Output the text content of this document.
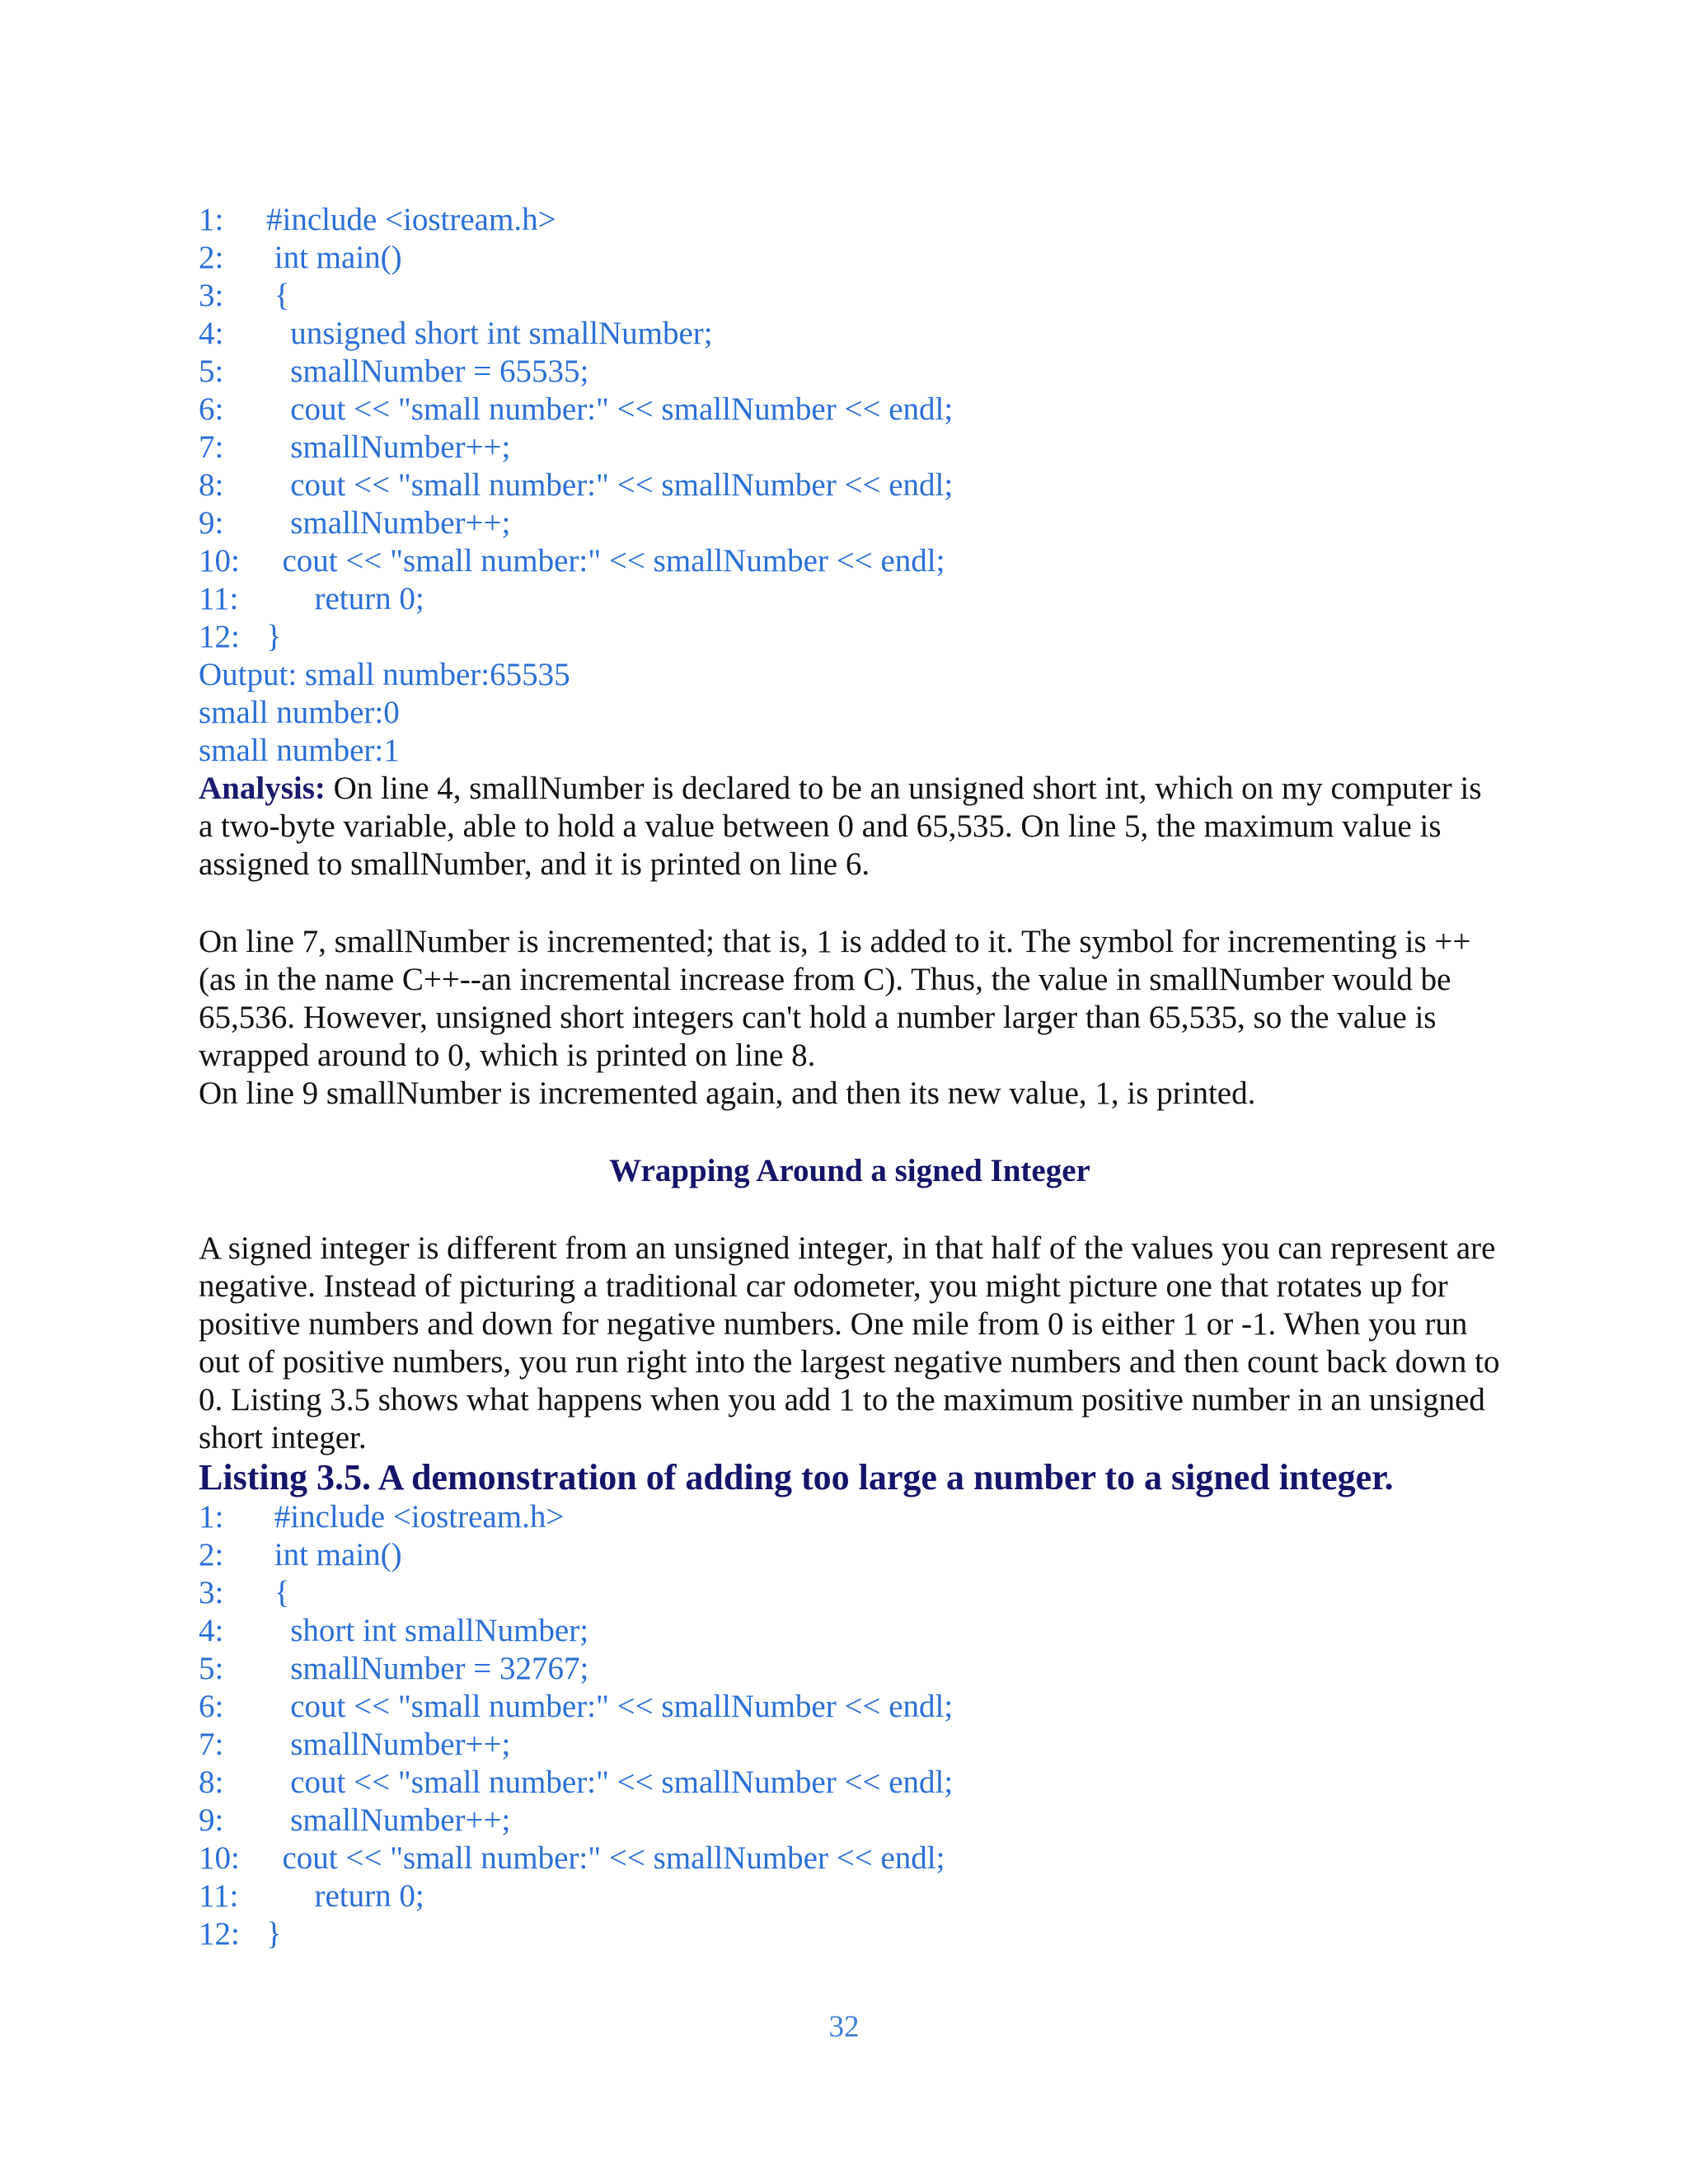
1:	#include <iostream.h>
2:	int main()
3:	{
4:	unsigned short int smallNumber;
5:	smallNumber = 65535;
6:	cout << "small number:" << smallNumber << endl;
7:	smallNumber++;
8:	cout << "small number:" << smallNumber << endl;
9:	smallNumber++;
10: cout << "small number:" << smallNumber << endl;
11: return 0;
12: }
Output: small number:65535
small number:0
small number:1

Analysis: On line 4, smallNumber is declared to be an unsigned short int, which on my computer is a two-byte variable, able to hold a value between 0 and 65,535. On line 5, the maximum value is assigned to smallNumber, and it is printed on line 6.

On line 7, smallNumber is incremented; that is, 1 is added to it. The symbol for incrementing is ++ (as in the name C++--an incremental increase from C). Thus, the value in smallNumber would be 65,536. However, unsigned short integers can't hold a number larger than 65,535, so the value is wrapped around to 0, which is printed on line 8.

On line 9 smallNumber is incremented again, and then its new value, 1, is printed.

Wrapping Around a signed Integer

A signed integer is different from an unsigned integer, in that half of the values you can represent are negative. Instead of picturing a traditional car odometer, you might picture one that rotates up for positive numbers and down for negative numbers. One mile from 0 is either 1 or -1. When you run out of positive numbers, you run right into the largest negative numbers and then count back down to 0. Listing 3.5 shows what happens when you add 1 to the maximum positive number in an unsigned short integer.

Listing 3.5. A demonstration of adding too large a number to a signed integer.
1:	#include <iostream.h>
2:	int main()
3:	{
4:	short int smallNumber;
5:	smallNumber = 32767;
6:	cout << "small number:" << smallNumber << endl;
7:	smallNumber++;
8:	cout << "small number:" << smallNumber << endl;
9:	smallNumber++;
10: cout << "small number:" << smallNumber << endl;
11: return 0;
12: }
32
